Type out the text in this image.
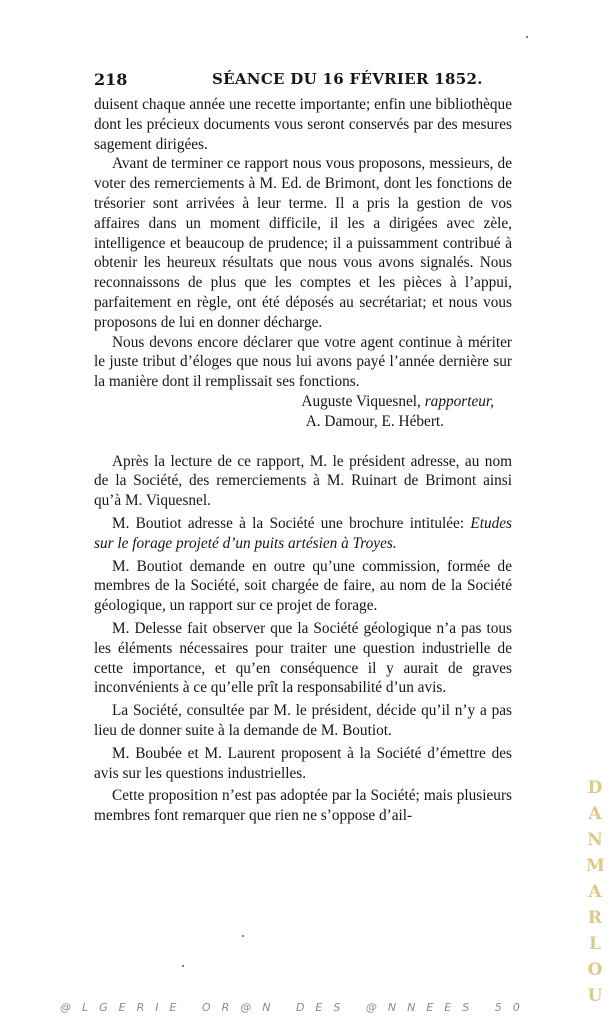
218	SÉANCE DU 16 FÉVRIER 1852.

duisent chaque année une recette importante; enfin une bibliothèque dont les précieux documents vous seront conservés par des mesures sagement dirigées.

Avant de terminer ce rapport nous vous proposons, messieurs, de voter des remerciements à M. Ed. de Brimont, dont les fonctions de trésorier sont arrivées à leur terme. Il a pris la gestion de vos affaires dans un moment difficile, il les a dirigées avec zèle, intelligence et beaucoup de prudence; il a puissamment contribué à obtenir les heureux résultats que nous vous avons signalés. Nous reconnaissons de plus que les comptes et les pièces à l’appui, parfaitement en règle, ont été déposés au secrétariat; et nous vous proposons de lui en donner décharge.

Nous devons encore déclarer que votre agent continue à mériter le juste tribut d’éloges que nous lui avons payé l’année dernière sur la manière dont il remplissait ses fonctions.

Auguste Viquesnel, rapporteur,

A. Damour, E. Hébert.

Après la lecture de ce rapport, M. le président adresse, au nom de la Société, des remerciements à M. Ruinart de Brimont ainsi qu’à M. Viquesnel.

M. Boutiot adresse à la Société une brochure intitulée: Etudes sur le forage projeté d’un puits artésien à Troyes.

M. Boutiot demande en outre qu’une commission, formée de membres de la Société, soit chargée de faire, au nom de la Société géologique, un rapport sur ce projet de forage.

M. Delesse fait observer que la Société géologique n’a pas tous les éléments nécessaires pour traiter une question industrielle de cette importance, et qu’en conséquence il y aurait de graves inconvénients à ce qu’elle prît la responsabilité d’un avis.

La Société, consultée par M. le président, décide qu’il n’y a pas lieu de donner suite à la demande de M. Boutiot.

M. Boubée et M. Laurent proposent à la Société d’émettre des avis sur les questions industrielles.

Cette proposition n’est pas adoptée par la Société; mais plusieurs membres font remarquer que rien ne s’oppose d’ail-

D
A
N
M
A
R
L
O
U
@LGERIE OR@N DES @NNEES 50
